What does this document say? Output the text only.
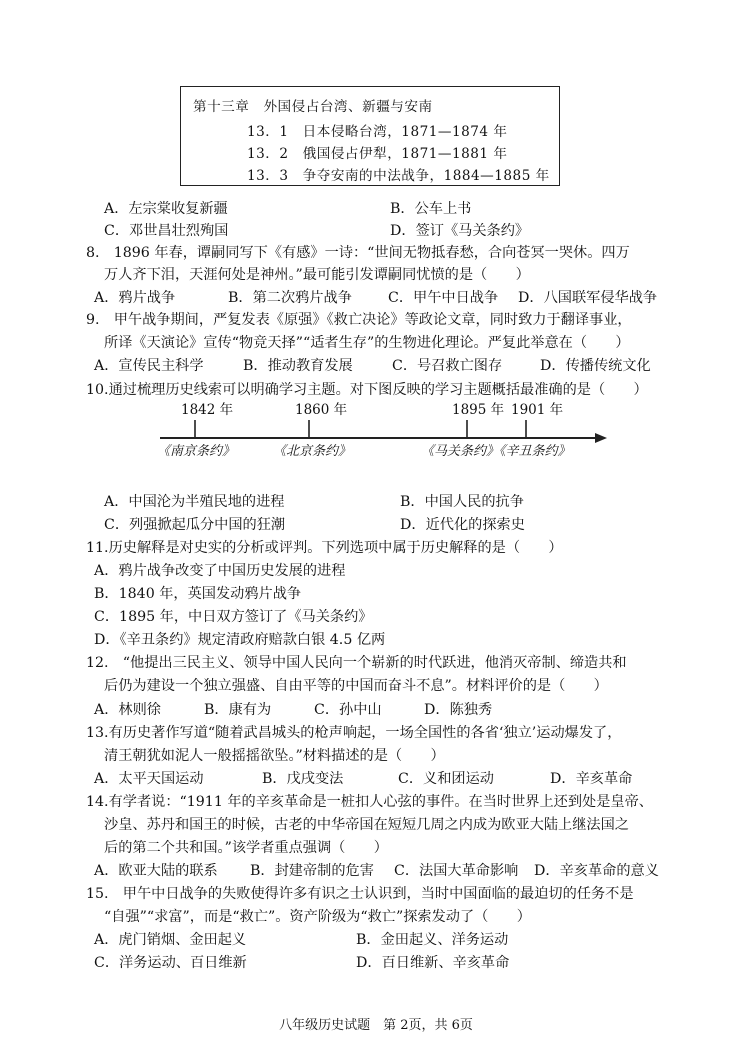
第十三章　外国侵占台湾、新疆与安南
13．1　日本侵略台湾，1871—1874 年
13．2　俄国侵占伊犁，1871—1881 年
13．3　争夺安南的中法战争，1884—1885 年
A．左宗棠收复新疆	B．公车上书
C．邓世昌壮烈殉国	D．签订《马关条约》
8.　1896 年春，谭嗣同写下《有感》一诗：“世间无物抵春愁，合向苍冥一哭休。四万
万人齐下泪，天涯何处是神州。”最可能引发谭嗣同忧愤的是（　　）
A．鸦片战争	B．第二次鸦片战争	C．甲午中日战争 D．八国联军侵华战争
9.　甲午战争期间，严复发表《原强》《救亡决论》等政论文章，同时致力于翻译事业，
所译《天演论》宣传“物竞天择”“适者生存”的生物进化理论。严复此举意在（　　）
A．宣传民主科学	B．推动教育发展	C．号召救亡图存	D．传播传统文化
10.通过梳理历史线索可以明确学习主题。对下图反映的学习主题概括最准确的是（　　）
1842 年	1860 年	1895 年 1901 年
《南京条约》	《北京条约》	《马关条约》《辛丑条约》
A．中国沦为半殖民地的进程	B．中国人民的抗争
C．列强掀起瓜分中国的狂潮	D．近代化的探索史
11.历史解释是对史实的分析或评判。下列选项中属于历史解释的是（　　）
A．鸦片战争改变了中国历史发展的进程
B．1840 年，英国发动鸦片战争
C．1895 年，中日双方签订了《马关条约》
D．《辛丑条约》规定清政府赔款白银 4.5 亿两
12.　“他提出三民主义、领导中国人民向一个崭新的时代跃进，他消灭帝制、缔造共和
后仍为建设一个独立强盛、自由平等的中国而奋斗不息”。材料评价的是（　　）
A．林则徐	B．康有为	C．孙中山	D．陈独秀
13.有历史著作写道“随着武昌城头的枪声响起，一场全国性的各省‘独立’运动爆发了，
清王朝犹如泥人一般摇摇欲坠。”材料描述的是（　　）
A．太平天国运动	B．戊戌变法	C．义和团运动	D．辛亥革命
14.有学者说：“1911 年的辛亥革命是一桩扣人心弦的事件。在当时世界上还到处是皇帝、
沙皇、苏丹和国王的时候，古老的中华帝国在短短几周之内成为欧亚大陆上继法国之
后的第二个共和国。”该学者重点强调（　　）
A．欧亚大陆的联系 B．封建帝制的危害 C．法国大革命影响 D．辛亥革命的意义
15.　甲午中日战争的失败使得许多有识之士认识到，当时中国面临的最迫切的任务不是
“自强”“求富”，而是“救亡”。资产阶级为“救亡”探索发动了（　　）
A．虎门销烟、金田起义	B．金田起义、洋务运动
C．洋务运动、百日维新	D．百日维新、辛亥革命
八年级历史试题　第 2页，共 6页
